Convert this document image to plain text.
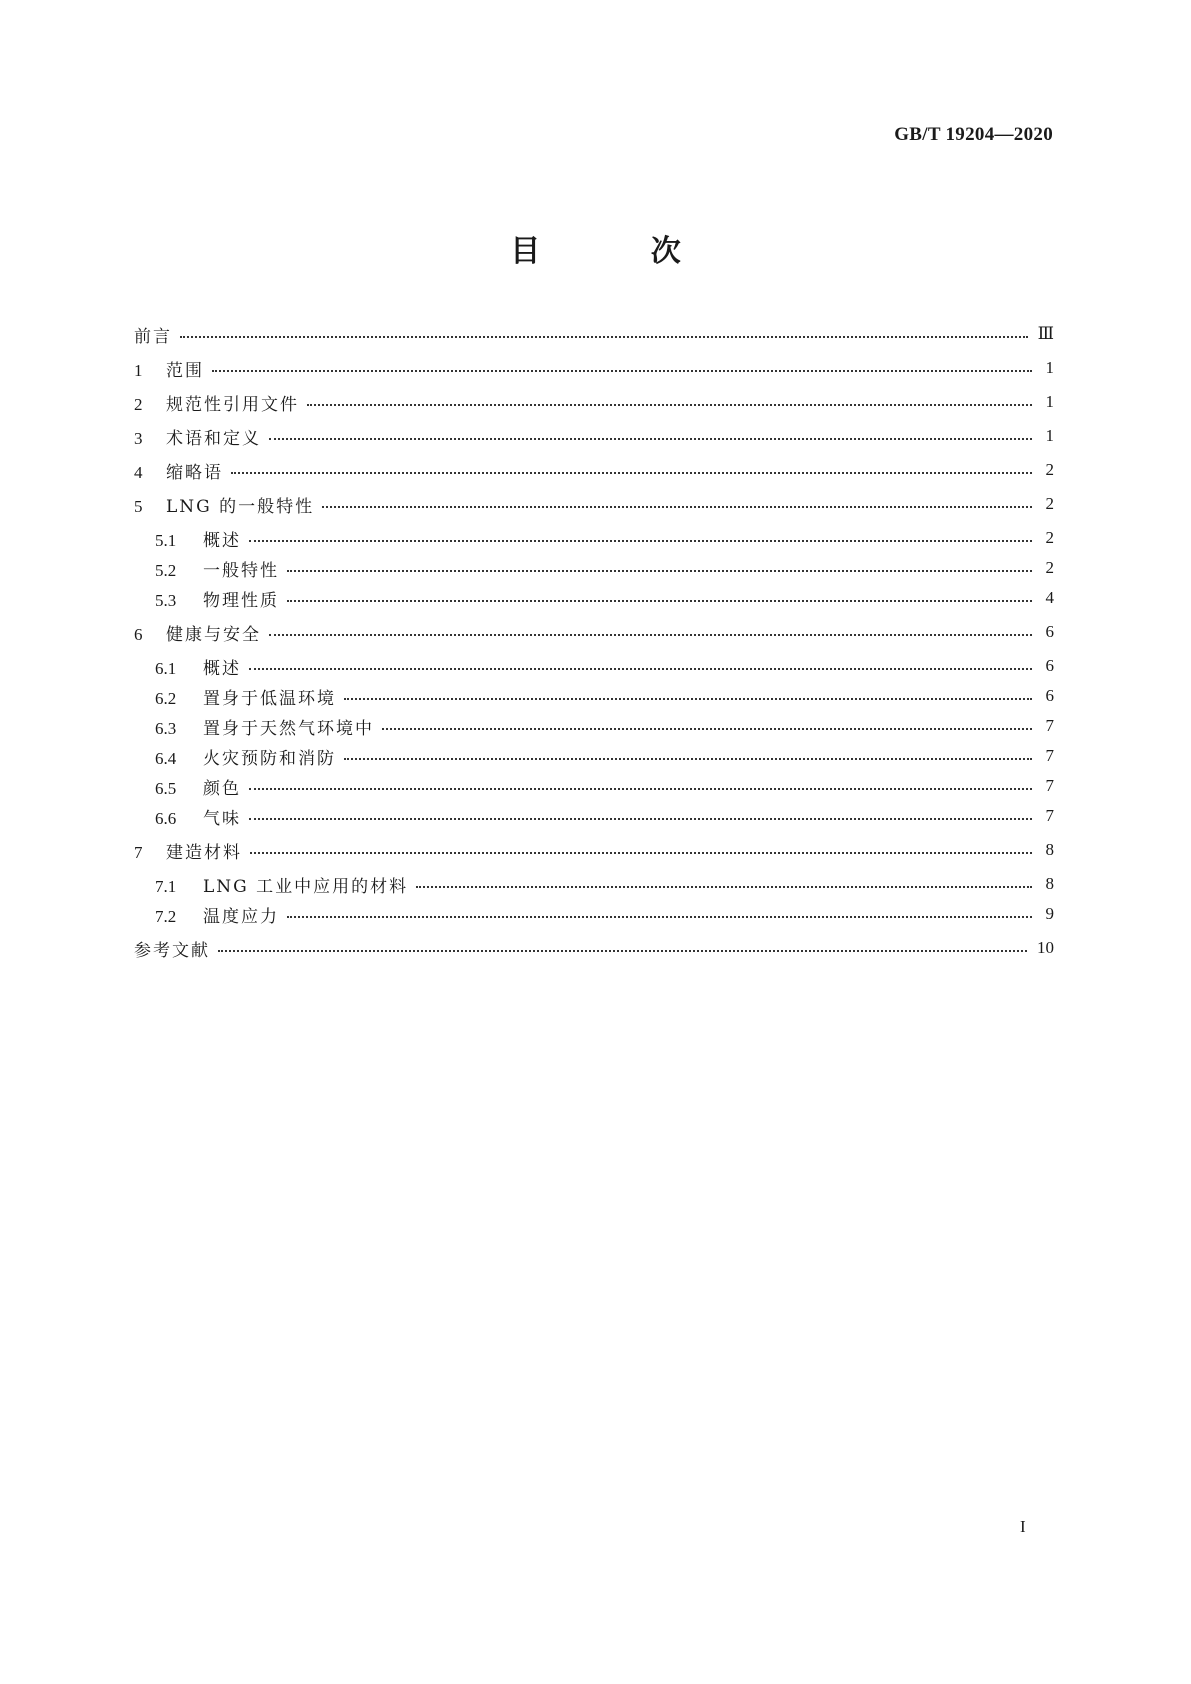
GB/T 19204—2020
目 次
前言	Ⅲ
1 范围	1
2 规范性引用文件	1
3 术语和定义	1
4 缩略语	2
5 LNG 的一般特性	2
5.1 概述	2
5.2 一般特性	2
5.3 物理性质	4
6 健康与安全	6
6.1 概述	6
6.2 置身于低温环境	6
6.3 置身于天然气环境中	7
6.4 火灾预防和消防	7
6.5 颜色	7
6.6 气味	7
7 建造材料	8
7.1 LNG 工业中应用的材料	8
7.2 温度应力	9
参考文献	10
I
